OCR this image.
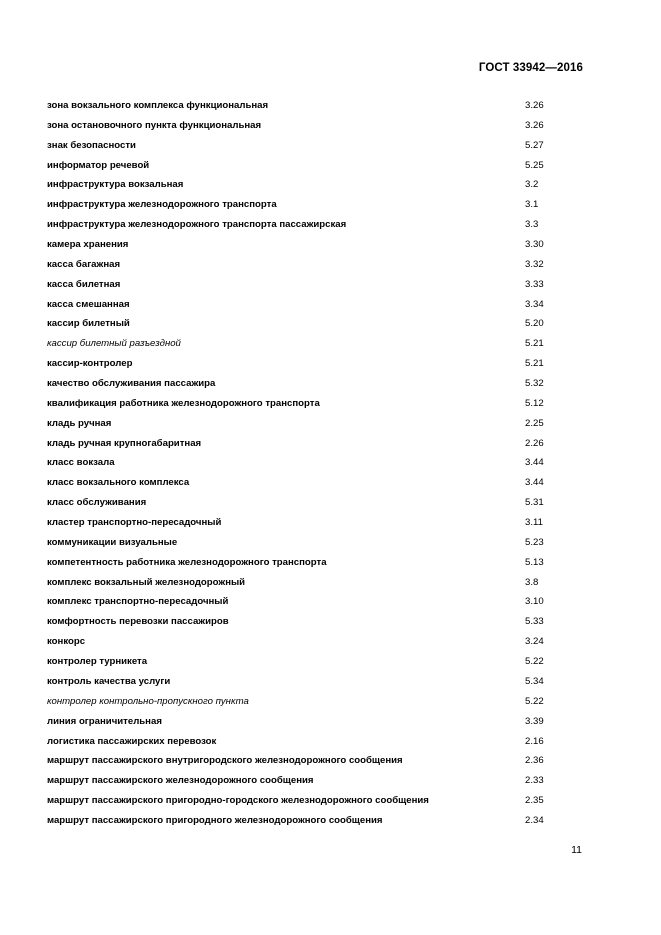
ГОСТ 33942—2016
зона вокзального комплекса функциональная	3.26
зона остановочного пункта функциональная	3.26
знак безопасности	5.27
информатор речевой	5.25
инфраструктура вокзальная	3.2
инфраструктура железнодорожного транспорта	3.1
инфраструктура железнодорожного транспорта пассажирская	3.3
камера хранения	3.30
касса багажная	3.32
касса билетная	3.33
касса смешанная	3.34
кассир билетный	5.20
кассир билетный разъездной	5.21
кассир-контролер	5.21
качество обслуживания пассажира	5.32
квалификация работника железнодорожного транспорта	5.12
кладь ручная	2.25
кладь ручная крупногабаритная	2.26
класс вокзала	3.44
класс вокзального комплекса	3.44
класс обслуживания	5.31
кластер транспортно-пересадочный	3.11
коммуникации визуальные	5.23
компетентность работника железнодорожного транспорта	5.13
комплекс вокзальный железнодорожный	3.8
комплекс транспортно-пересадочный	3.10
комфортность перевозки пассажиров	5.33
конкорс	3.24
контролер турникета	5.22
контроль качества услуги	5.34
контролер контрольно-пропускного пункта	5.22
линия ограничительная	3.39
логистика пассажирских перевозок	2.16
маршрут пассажирского внутригородского железнодорожного сообщения	2.36
маршрут пассажирского железнодорожного сообщения	2.33
маршрут пассажирского пригородно-городского железнодорожного сообщения	2.35
маршрут пассажирского пригородного железнодорожного сообщения	2.34
11
